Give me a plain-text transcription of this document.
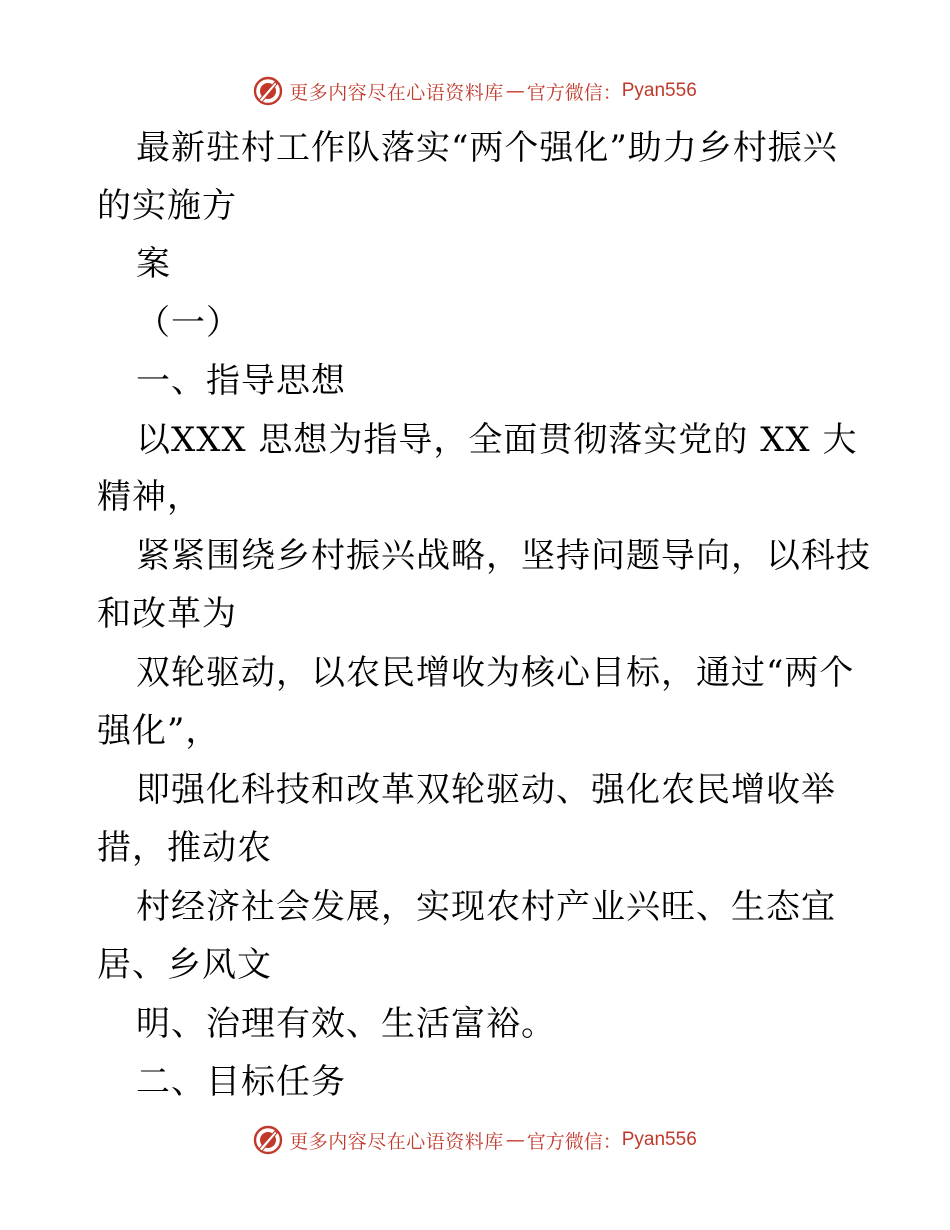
更多内容尽在心语资料库 — 官方微信： Pyan556
最新驻村工作队落实“两个强化”助力乡村振兴
的实施方
案
（一）
一、指导思想
以XXX 思想为指导，全面贯彻落实党的 XX 大
精神，
紧紧围绕乡村振兴战略，坚持问题导向，以科技
和改革为
双轮驱动，以农民增收为核心目标，通过“两个
强化”，
即强化科技和改革双轮驱动、强化农民增收举
措，推动农
村经济社会发展，实现农村产业兴旺、生态宜
居、乡风文
明、治理有效、生活富裕。
二、目标任务
更多内容尽在心语资料库 — 官方微信： Pyan556
